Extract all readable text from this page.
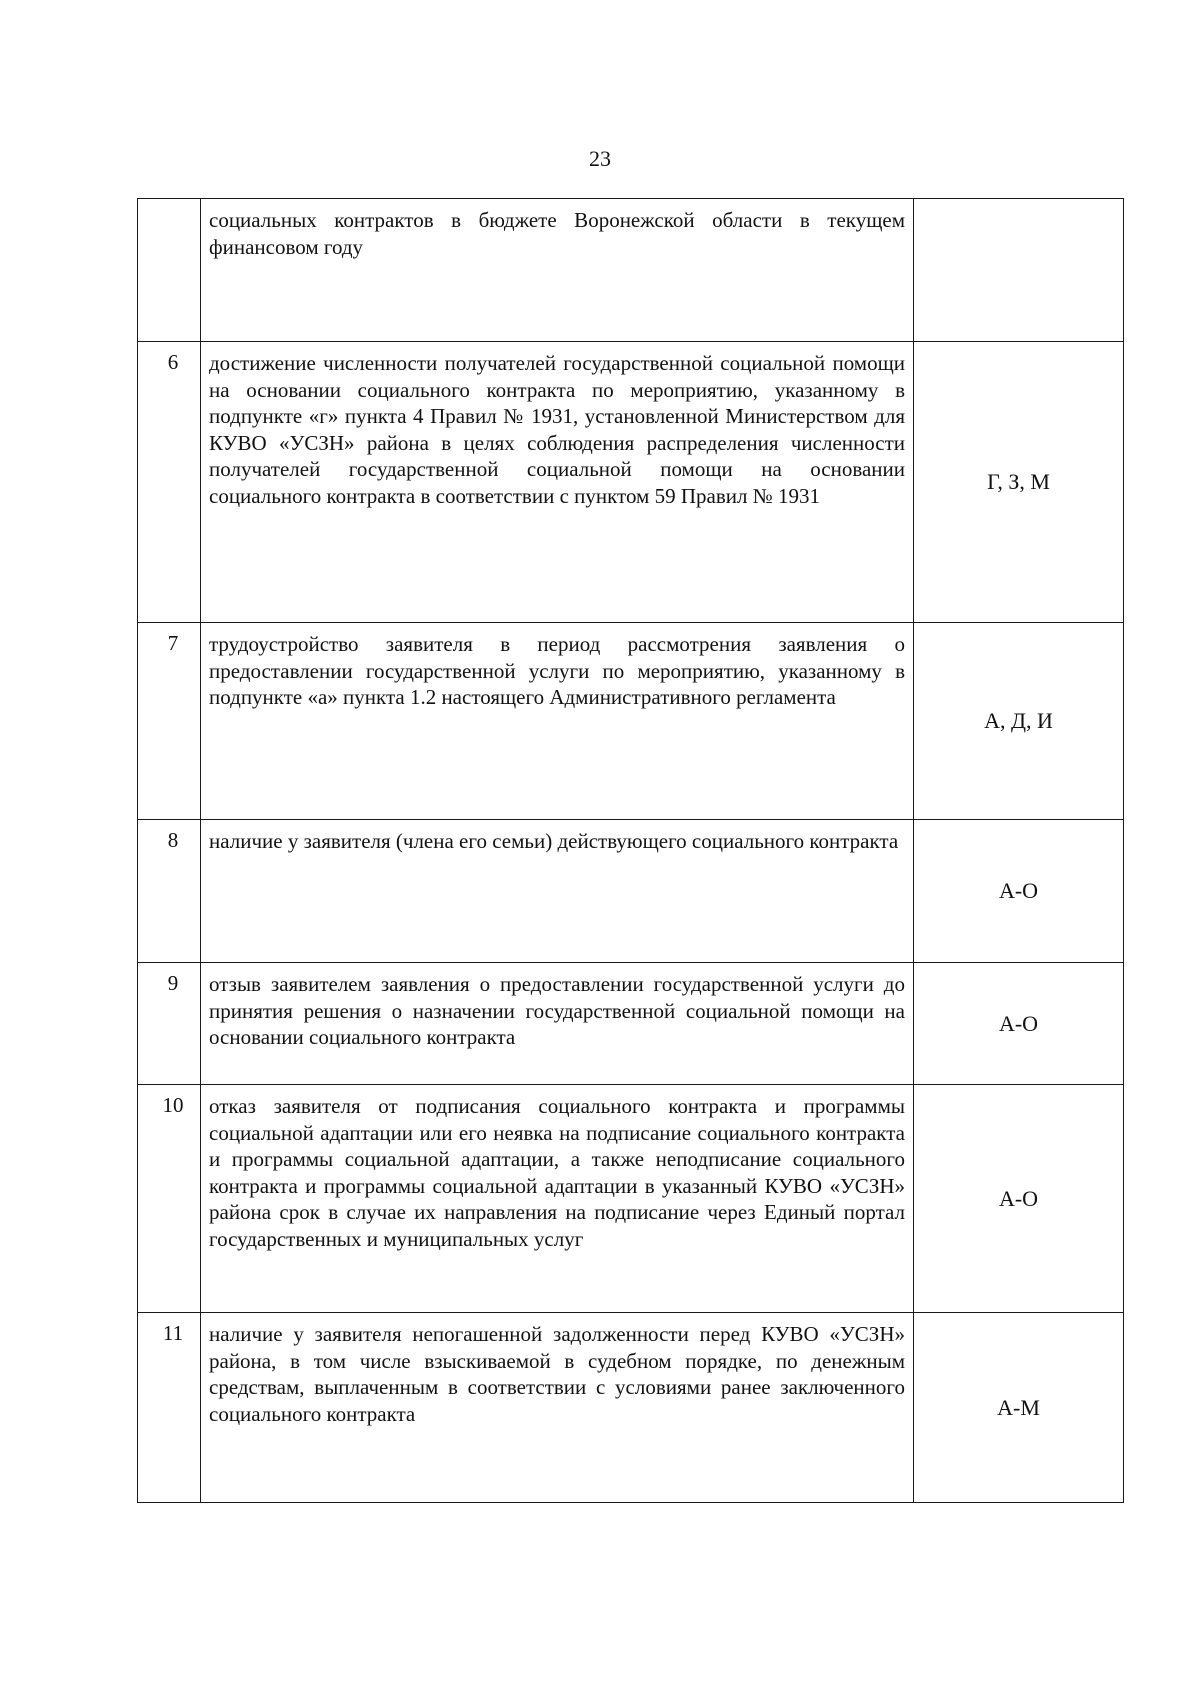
23

	социальных контрактов в бюджете Воронежской области в текущем финансовом году	

6	достижение численности получателей государственной социальной помощи на основании социального контракта по мероприятию, указанному в подпункте «г» пункта 4 Правил № 1931, установленной Министерством для КУВО «УСЗН» района в целях соблюдения распределения численности получателей государственной социальной помощи на основании социального контракта в соответствии с пунктом 59 Правил № 1931	Г, З, М

7	трудоустройство заявителя в период рассмотрения заявления о предоставлении государственной услуги по мероприятию, указанному в подпункте «а» пункта 1.2 настоящего Административного регламента	А, Д, И

8	наличие у заявителя (члена его семьи) действующего социального контракта	А-О

9	отзыв заявителем заявления о предоставлении государственной услуги до принятия решения о назначении государственной социальной помощи на основании социального контракта	А-О

10	отказ заявителя от подписания социального контракта и программы социальной адаптации или его неявка на подписание социального контракта и программы социальной адаптации, а также неподписание социального контракта и программы социальной адаптации в указанный КУВО «УСЗН» района срок в случае их направления на подписание через Единый портал государственных и муниципальных услуг	А-О

11	наличие у заявителя непогашенной задолженности перед КУВО «УСЗН» района, в том числе взыскиваемой в судебном порядке, по денежным средствам, выплаченным в соответствии с условиями ранее заключенного социального контракта	А-М
